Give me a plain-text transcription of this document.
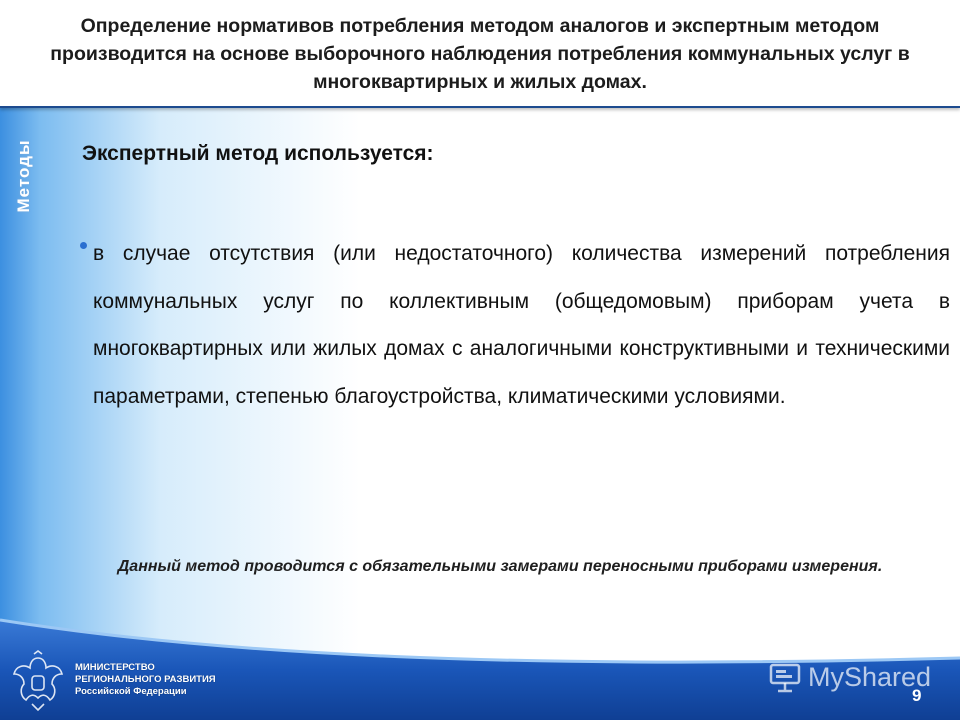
Определение нормативов потребления методом аналогов и экспертным методом производится на основе выборочного наблюдения потребления коммунальных услуг в многоквартирных и жилых домах.

Методы Экспертный метод используется:

в случае отсутствия (или недостаточного) количества измерений потребления коммунальных услуг по коллективным (общедомовым) приборам учета в многоквартирных или жилых домах с аналогичными конструктивными и техническими параметрами, степенью благоустройства, климатическими условиями.

Данный метод проводится с обязательными замерами переносными приборами измерения.

МИНИСТЕРСТВО
РЕГИОНАЛЬНОГО РАЗВИТИЯ
Российской Федерации	MyShared
9
